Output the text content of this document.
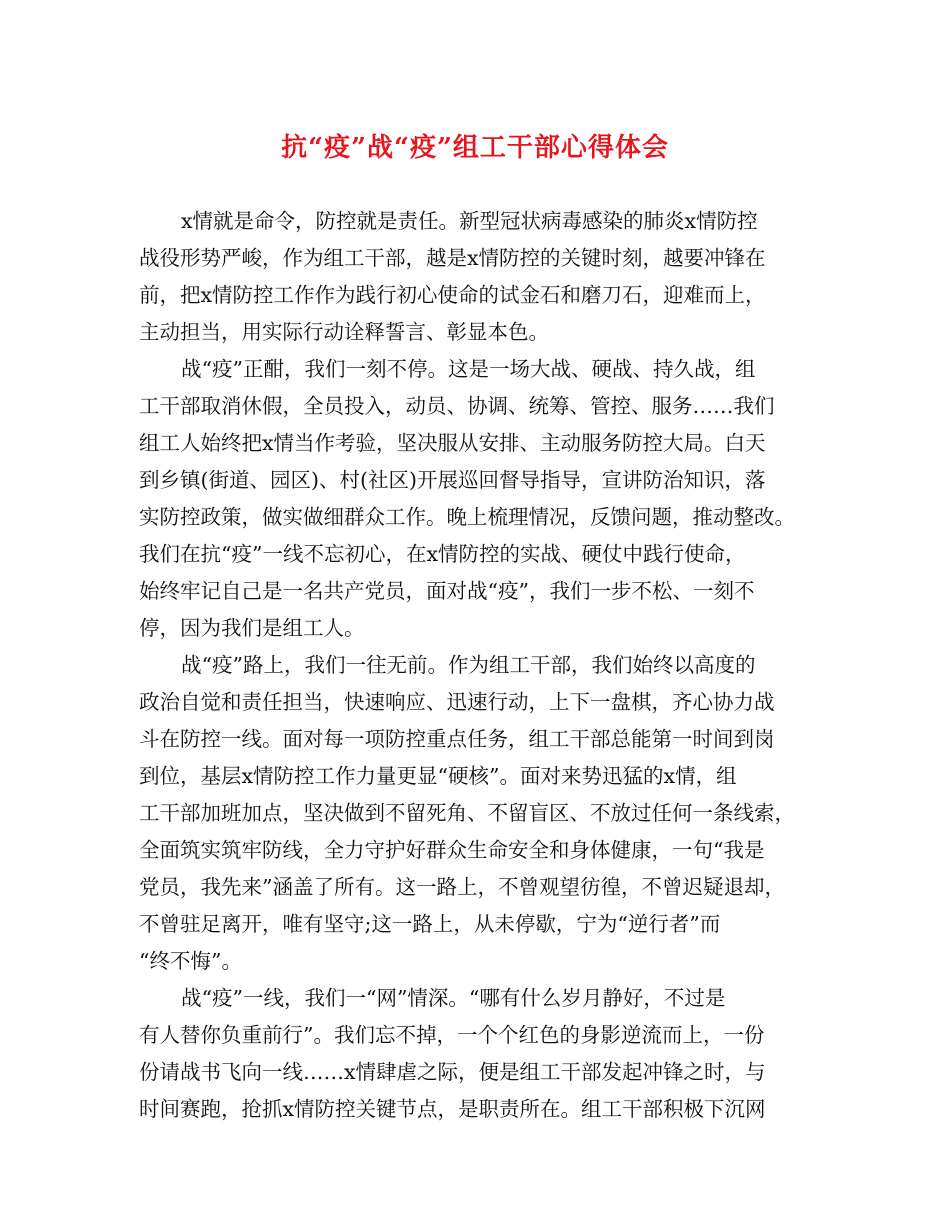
抗“疫”战“疫”组工干部心得体会
x情就是命令，防控就是责任。新型冠状病毒感染的肺炎x情防控
战役形势严峻，作为组工干部，越是x情防控的关键时刻，越要冲锋在
前，把x情防控工作作为践行初心使命的试金石和磨刀石，迎难而上，
主动担当，用实际行动诠释誓言、彰显本色。
战“疫”正酣，我们一刻不停。这是一场大战、硬战、持久战，组
工干部取消休假，全员投入，动员、协调、统筹、管控、服务……我们
组工人始终把x情当作考验，坚决服从安排、主动服务防控大局。白天
到乡镇(街道、园区)、村(社区)开展巡回督导指导，宣讲防治知识，落
实防控政策，做实做细群众工作。晚上梳理情况，反馈问题，推动整改。
我们在抗“疫”一线不忘初心，在x情防控的实战、硬仗中践行使命，
始终牢记自己是一名共产党员，面对战“疫”，我们一步不松、一刻不
停，因为我们是组工人。
战“疫”路上，我们一往无前。作为组工干部，我们始终以高度的
政治自觉和责任担当，快速响应、迅速行动，上下一盘棋，齐心协力战
斗在防控一线。面对每一项防控重点任务，组工干部总能第一时间到岗
到位，基层x情防控工作力量更显“硬核”。面对来势迅猛的x情，组
工干部加班加点，坚决做到不留死角、不留盲区、不放过任何一条线索，
全面筑实筑牢防线，全力守护好群众生命安全和身体健康，一句“我是
党员，我先来”涵盖了所有。这一路上，不曾观望彷徨，不曾迟疑退却，
不曾驻足离开，唯有坚守;这一路上，从未停歇，宁为“逆行者”而
“终不悔”。
战“疫”一线，我们一“网”情深。“哪有什么岁月静好，不过是
有人替你负重前行”。我们忘不掉，一个个红色的身影逆流而上，一份
份请战书飞向一线……x情肆虐之际，便是组工干部发起冲锋之时，与
时间赛跑，抢抓x情防控关键节点，是职责所在。组工干部积极下沉网
